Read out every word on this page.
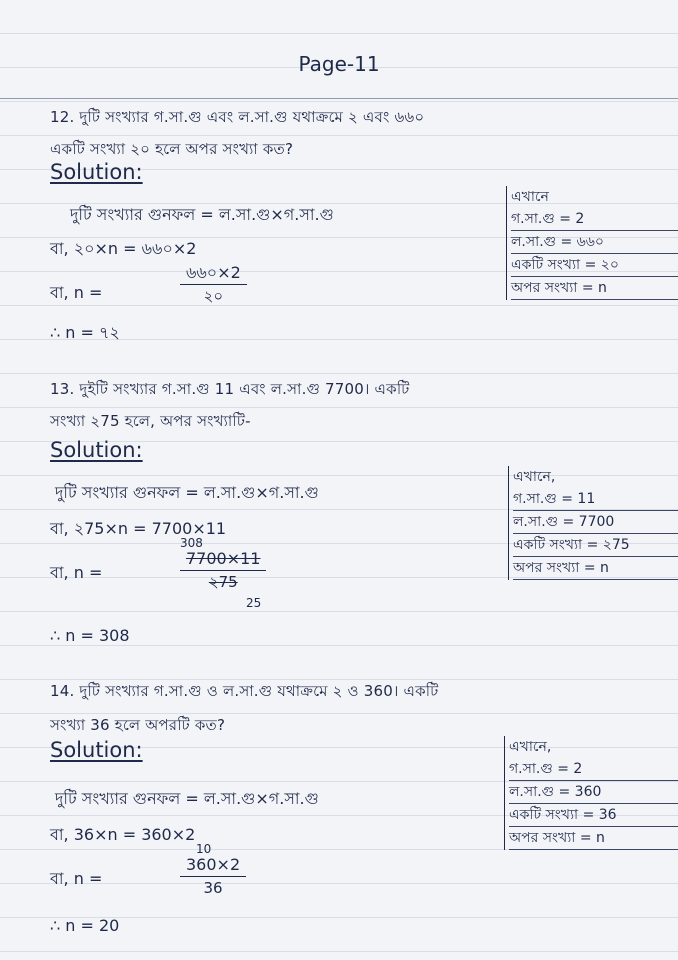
Page-11
12. দুটি সংখ্যার গ.সা.গু এবং ল.সা.গু যথাক্রমে ২ এবং ৬৬০
একটি সংখ্যা ২০ হলে অপর সংখ্যা কত?
Solution:
দুটি সংখ্যার গুনফল = ল.সা.গু×গ.সা.গু
বা, ২০×n = ৬৬০×2
বা, n =
৬৬০×2
২০
∴ n = ৭২
এখানে
গ.সা.গু = 2
ল.সা.গু = ৬৬০
একটি সংখ্যা = ২০
অপর সংখ্যা = n
13. দুইটি সংখ্যার গ.সা.গু 11 এবং ল.সা.গু 7700। একটি
সংখ্যা ২75 হলে, অপর সংখ্যাটি-
Solution:
দুটি সংখ্যার গুনফল = ল.সা.গু×গ.সা.গু
বা, ২75×n = 7700×11
308
বা, n =	$\frac{7700\times 11}{২75}$
25
∴ n = 308
এখানে,
গ.সা.গু = 11
ল.সা.গু = 7700
একটি সংখ্যা = ২75
অপর সংখ্যা = n
14. দুটি সংখ্যার গ.সা.গু ও ল.সা.গু যথাক্রমে ২ ও 360। একটি
সংখ্যা 36 হলে অপরটি কত?
Solution:
দুটি সংখ্যার গুনফল = ল.সা.গু×গ.সা.গু
বা, 36×n = 360×2
10
বা, n =	$\frac{360\times 2}{36}$
∴ n = 20
এখানে,
গ.সা.গু = 2
ল.সা.গু = 360
একটি সংখ্যা = 36
অপর সংখ্যা = n
